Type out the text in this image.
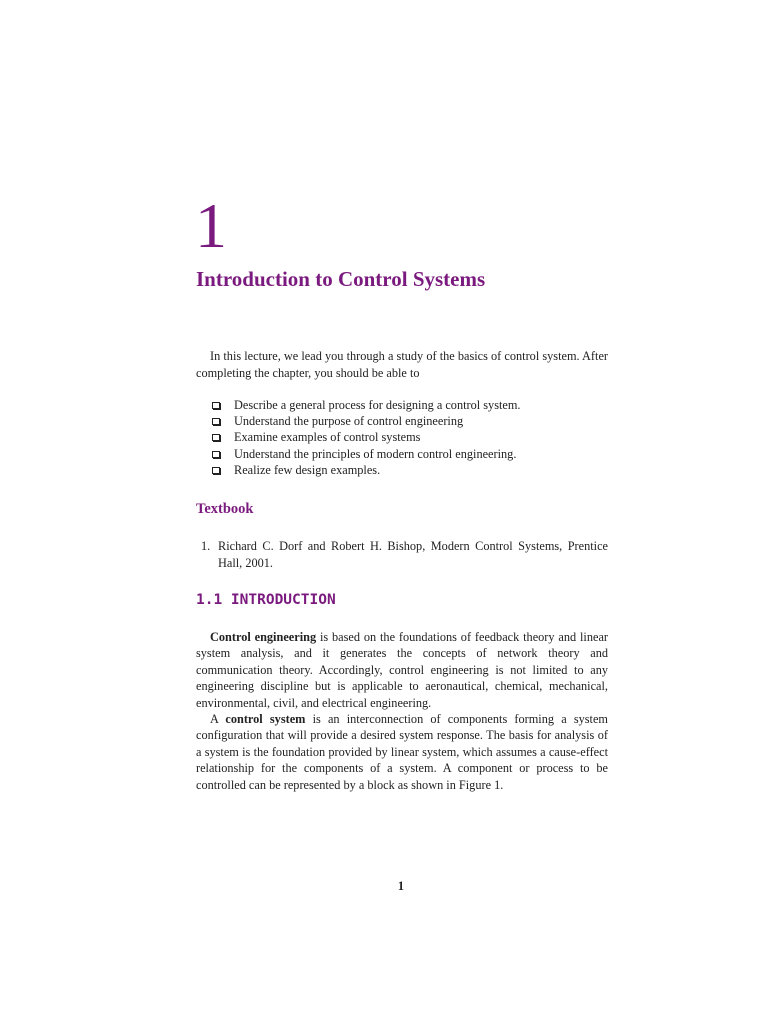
1
Introduction to Control Systems
In this lecture, we lead you through a study of the basics of control system. After completing the chapter, you should be able to
Describe a general process for designing a control system.
Understand the purpose of control engineering
Examine examples of control systems
Understand the principles of modern control engineering.
Realize few design examples.
Textbook
1. Richard C. Dorf and Robert H. Bishop, Modern Control Systems, Prentice Hall, 2001.
1.1 INTRODUCTION

Control engineering is based on the foundations of feedback theory and linear system analysis, and it generates the concepts of network theory and communication theory. Accordingly, control engineering is not limited to any engineering discipline but is applicable to aeronautical, chemical, mechanical, environmental, civil, and electrical engineering.

A control system is an interconnection of components forming a system configuration that will provide a desired system response. The basis for analysis of a system is the foundation provided by linear system, which assumes a cause-effect relationship for the components of a system. A component or process to be controlled can be represented by a block as shown in Figure 1.

1
